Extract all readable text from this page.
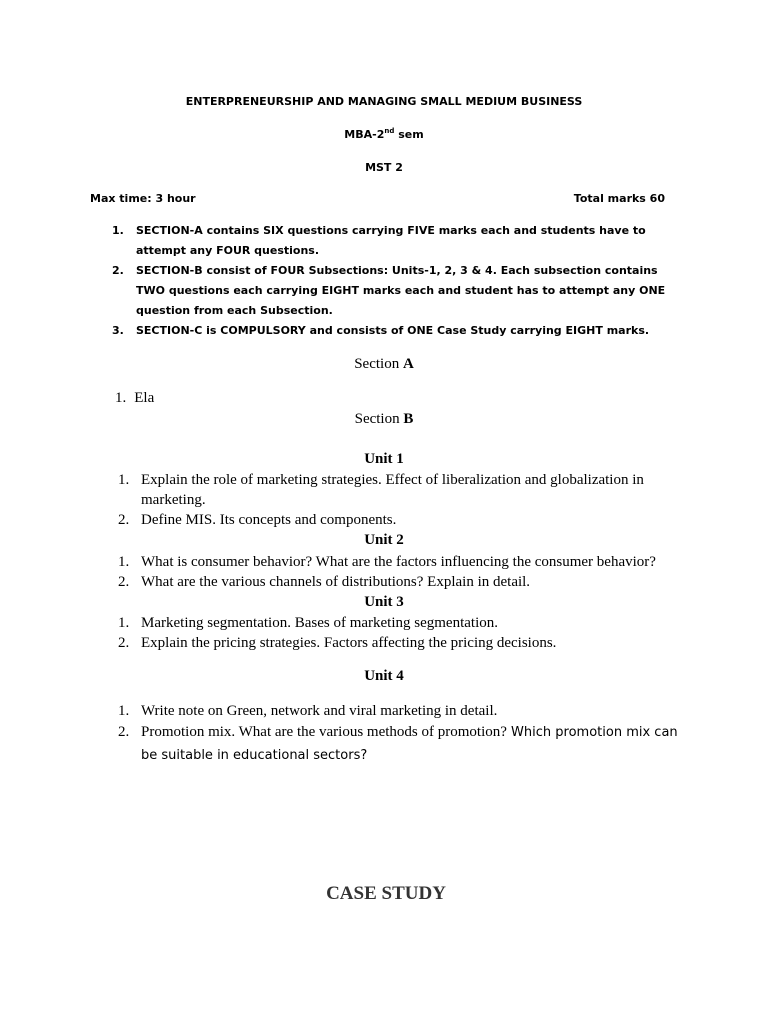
ENTERPRENEURSHIP AND MANAGING SMALL MEDIUM BUSINESS
MBA-2nd sem
MST 2
Max time: 3 hour	Total marks 60
1. SECTION-A contains SIX questions carrying FIVE marks each and students have to attempt any FOUR questions.
2. SECTION-B consist of FOUR Subsections: Units-1, 2, 3 & 4. Each subsection contains TWO questions each carrying EIGHT marks each and student has to attempt any ONE question from each Subsection.
3. SECTION-C is COMPULSORY and consists of ONE Case Study carrying EIGHT marks.
Section A
1. Ela
Section B
Unit 1
1. Explain the role of marketing strategies. Effect of liberalization and globalization in marketing.
2. Define MIS. Its concepts and components.
Unit 2
1. What is consumer behavior? What are the factors influencing the consumer behavior?
2. What are the various channels of distributions? Explain in detail.
Unit 3
1. Marketing segmentation. Bases of marketing segmentation.
2. Explain the pricing strategies. Factors affecting the pricing decisions.
Unit 4
1. Write note on Green, network and viral marketing in detail.
2. Promotion mix. What are the various methods of promotion? Which promotion mix can be suitable in educational sectors?
CASE STUDY
